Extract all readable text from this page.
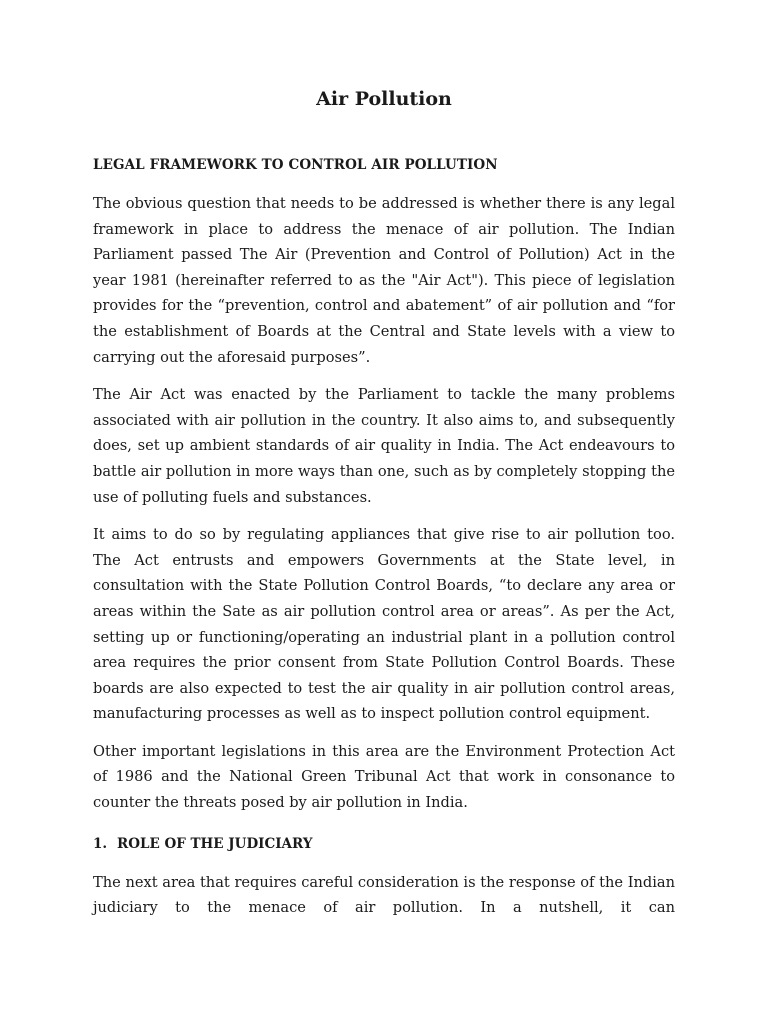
Air Pollution
LEGAL FRAMEWORK TO CONTROL AIR POLLUTION

The obvious question that needs to be addressed is whether there is any legal framework in place to address the menace of air pollution. The Indian Parliament passed The Air (Prevention and Control of Pollution) Act in the year 1981 (hereinafter referred to as the "Air Act"). This piece of legislation provides for the “prevention, control and abatement” of air pollution and “for the establishment of Boards at the Central and State levels with a view to carrying out the aforesaid purposes”.

The Air Act was enacted by the Parliament to tackle the many problems associated with air pollution in the country. It also aims to, and subsequently does, set up ambient standards of air quality in India. The Act endeavours to battle air pollution in more ways than one, such as by completely stopping the use of polluting fuels and substances.

It aims to do so by regulating appliances that give rise to air pollution too. The Act entrusts and empowers Governments at the State level, in consultation with the State Pollution Control Boards, “to declare any area or areas within the Sate as air pollution control area or areas”. As per the Act, setting up or functioning/operating an industrial plant in a pollution control area requires the prior consent from State Pollution Control Boards. These boards are also expected to test the air quality in air pollution control areas, manufacturing processes as well as to inspect pollution control equipment.

Other important legislations in this area are the Environment Protection Act of 1986 and the National Green Tribunal Act that work in consonance to counter the threats posed by air pollution in India.

1. ROLE OF THE JUDICIARY

The next area that requires careful consideration is the response of the Indian judiciary to the menace of air pollution. In a nutshell, it can
